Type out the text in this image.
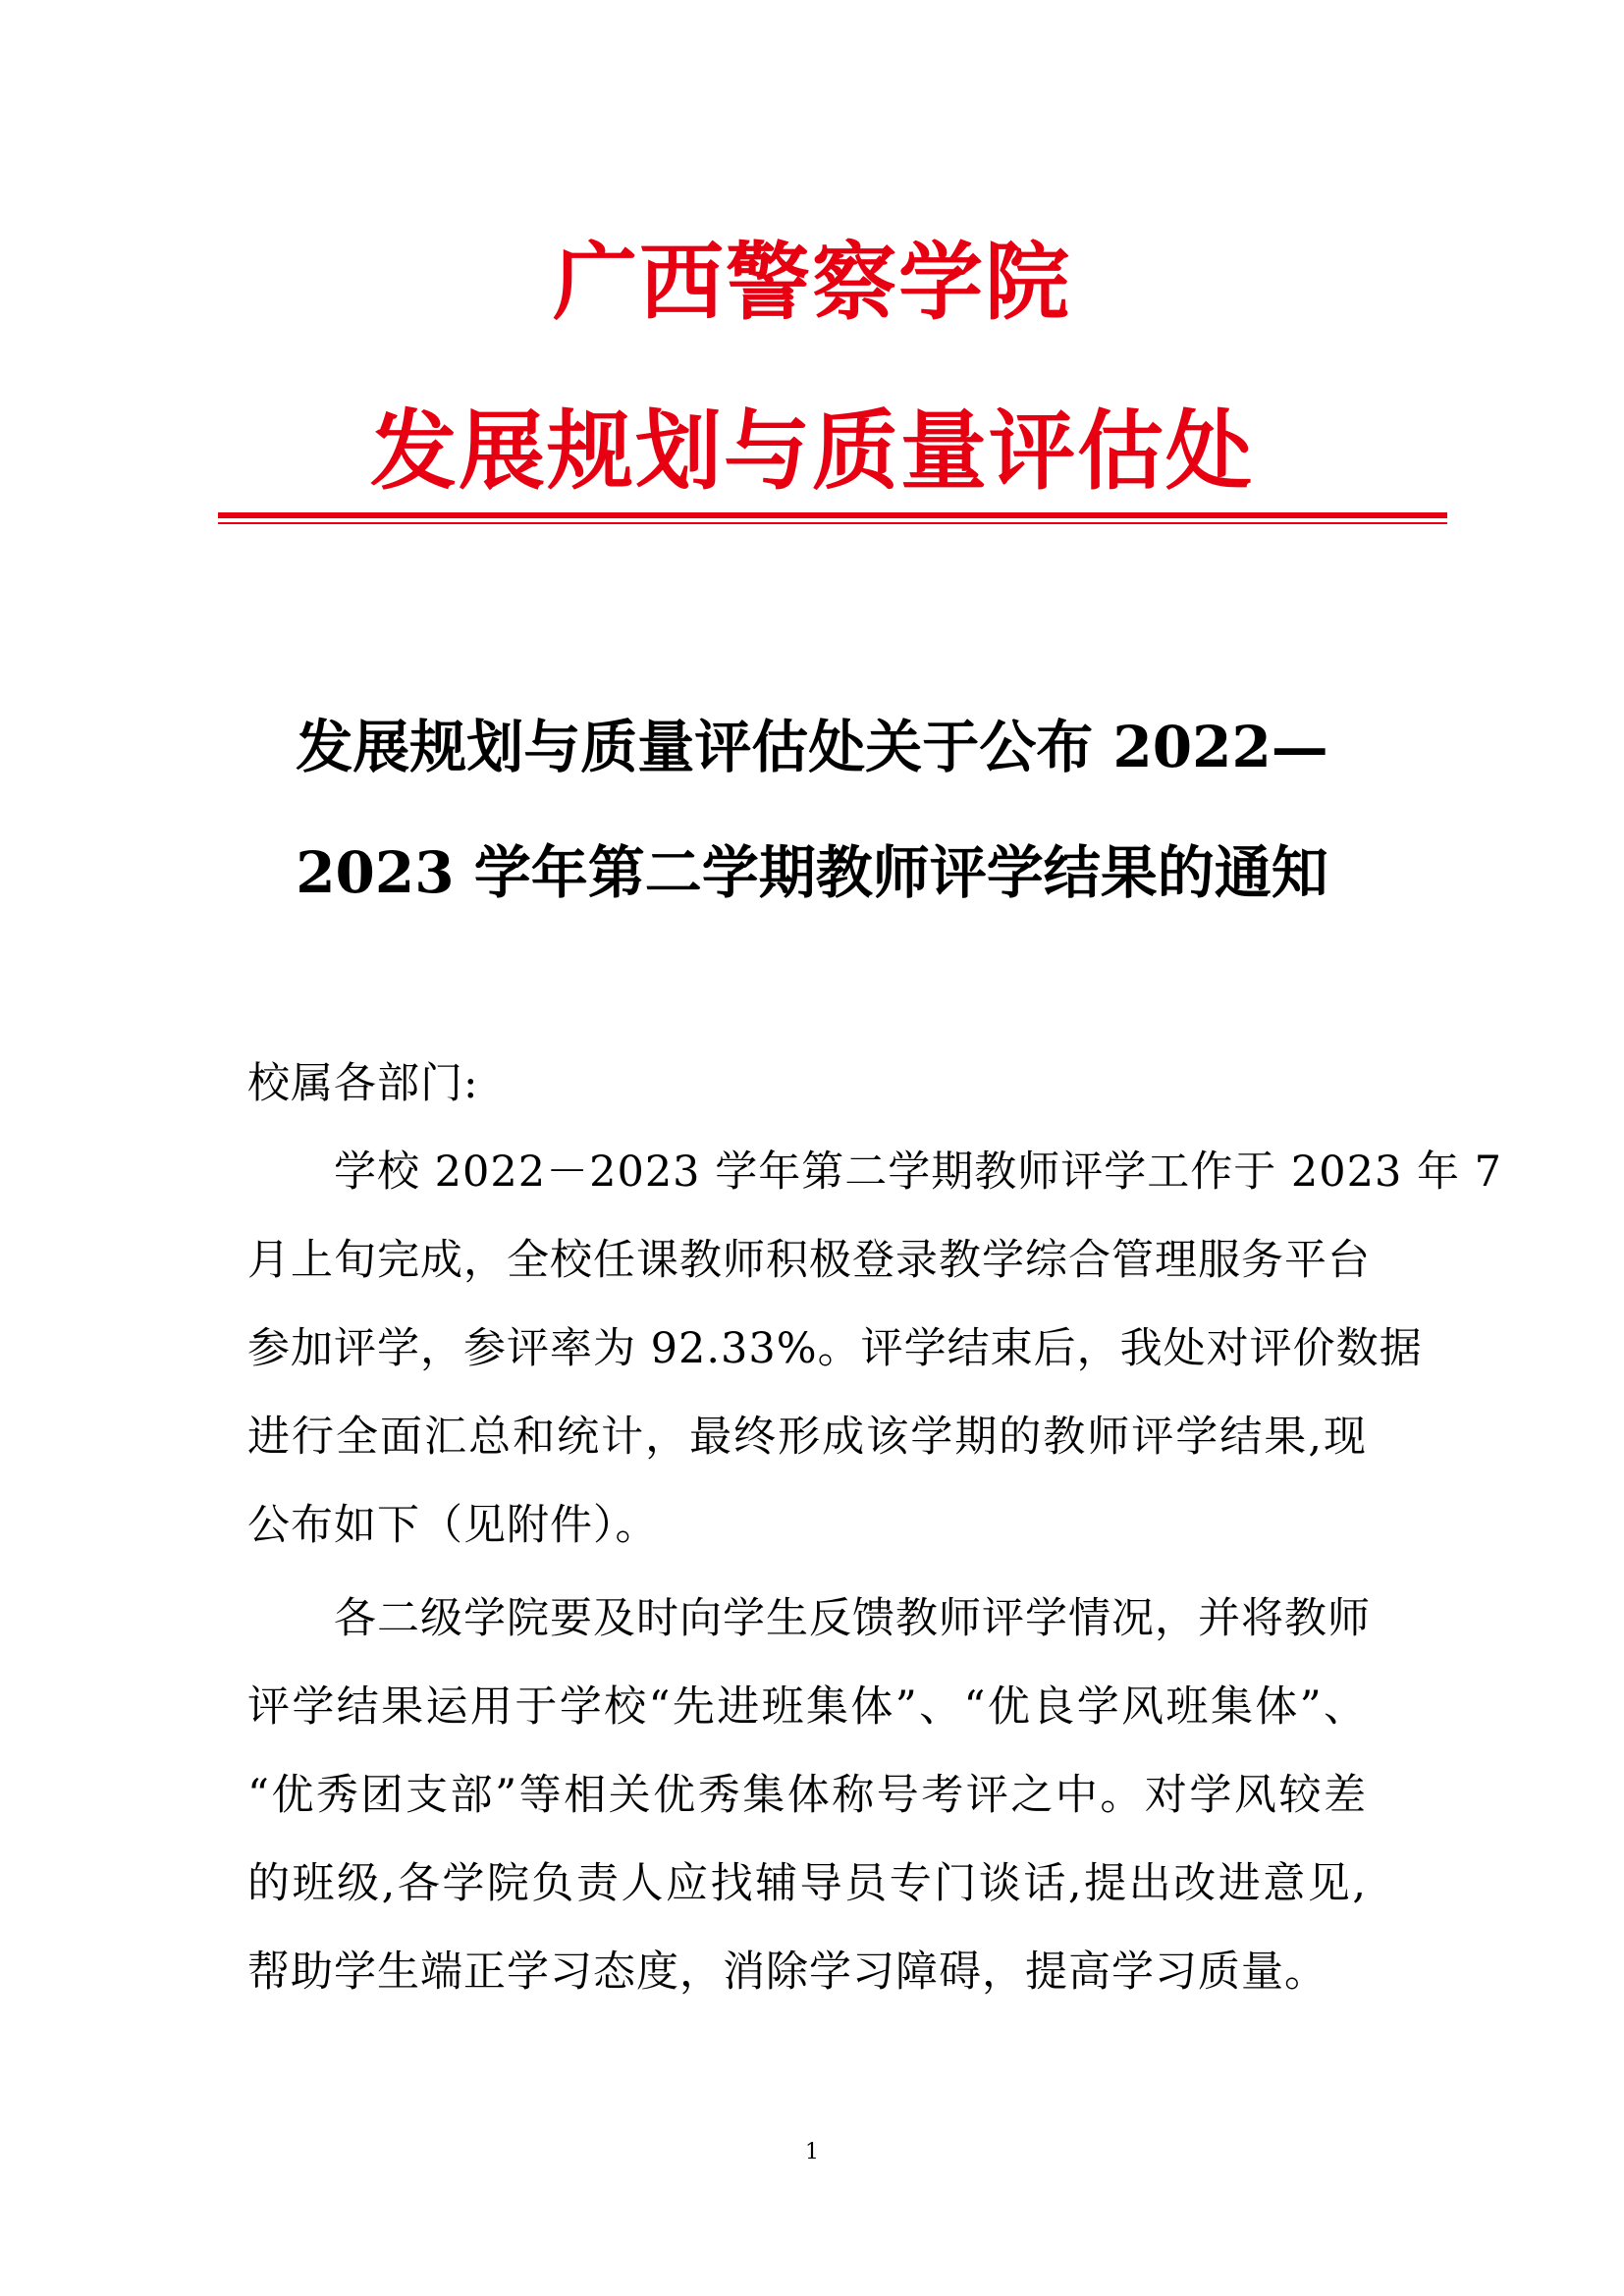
广西警察学院
发展规划与质量评估处
发展规划与质量评估处关于公布 2022—
2023 学年第二学期教师评学结果的通知
校属各部门:
学校 2022－2023 学年第二学期教师评学工作于 2023 年 7
月上旬完成，全校任课教师积极登录教学综合管理服务平台
参加评学，参评率为 92.33%。评学结束后，我处对评价数据
进行全面汇总和统计，最终形成该学期的教师评学结果,现
公布如下（见附件）。
各二级学院要及时向学生反馈教师评学情况，并将教师
评学结果运用于学校“先进班集体”、“优良学风班集体”、
“优秀团支部”等相关优秀集体称号考评之中。对学风较差
的班级,各学院负责人应找辅导员专门谈话,提出改进意见,
帮助学生端正学习态度，消除学习障碍，提高学习质量。
1
